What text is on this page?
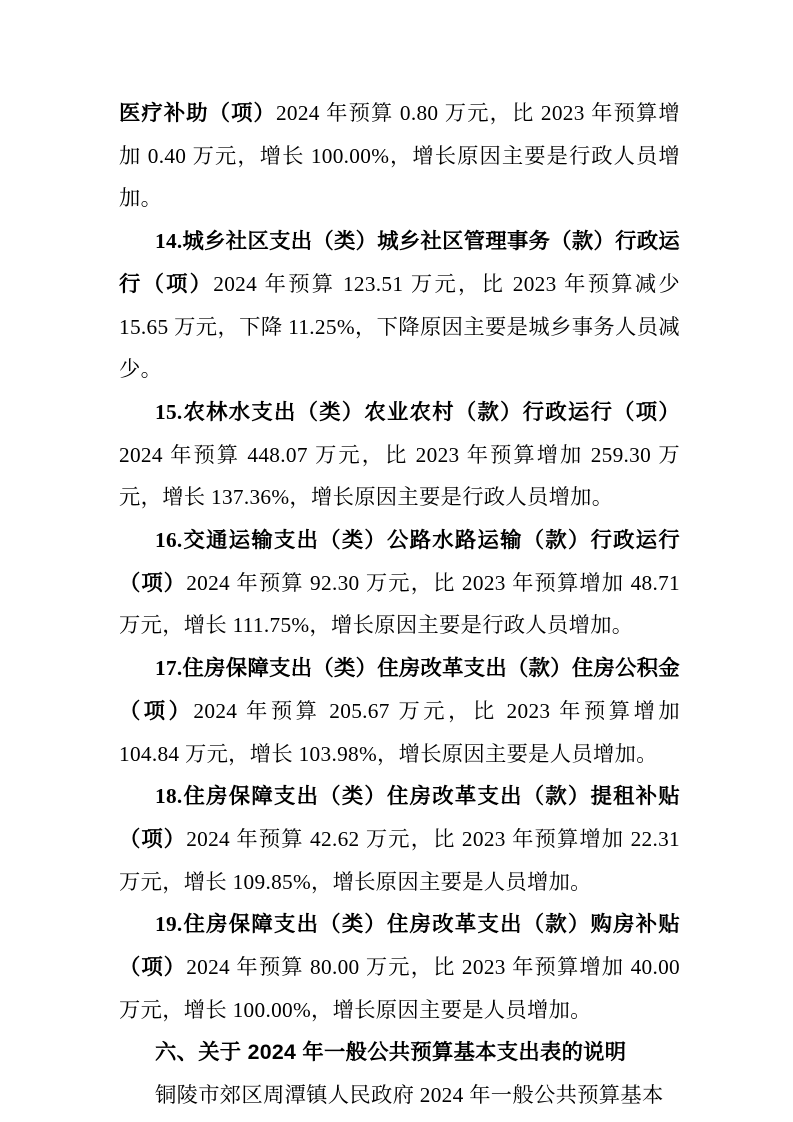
医疗补助（项）2024 年预算 0.80 万元，比 2023 年预算增加 0.40 万元，增长 100.00%，增长原因主要是行政人员增加。

14.城乡社区支出（类）城乡社区管理事务（款）行政运行（项）2024 年预算 123.51 万元，比 2023 年预算减少 15.65 万元，下降 11.25%，下降原因主要是城乡事务人员减少。

15.农林水支出（类）农业农村（款）行政运行（项）2024 年预算 448.07 万元，比 2023 年预算增加 259.30 万元，增长 137.36%，增长原因主要是行政人员增加。

16.交通运输支出（类）公路水路运输（款）行政运行（项）2024 年预算 92.30 万元，比 2023 年预算增加 48.71 万元，增长 111.75%，增长原因主要是行政人员增加。

17.住房保障支出（类）住房改革支出（款）住房公积金（项）2024 年预算 205.67 万元，比 2023 年预算增加 104.84 万元，增长 103.98%，增长原因主要是人员增加。

18.住房保障支出（类）住房改革支出（款）提租补贴（项）2024 年预算 42.62 万元，比 2023 年预算增加 22.31 万元，增长 109.85%，增长原因主要是人员增加。

19.住房保障支出（类）住房改革支出（款）购房补贴（项）2024 年预算 80.00 万元，比 2023 年预算增加 40.00 万元，增长 100.00%，增长原因主要是人员增加。

六、关于 2024 年一般公共预算基本支出表的说明

铜陵市郊区周潭镇人民政府 2024 年一般公共预算基本
